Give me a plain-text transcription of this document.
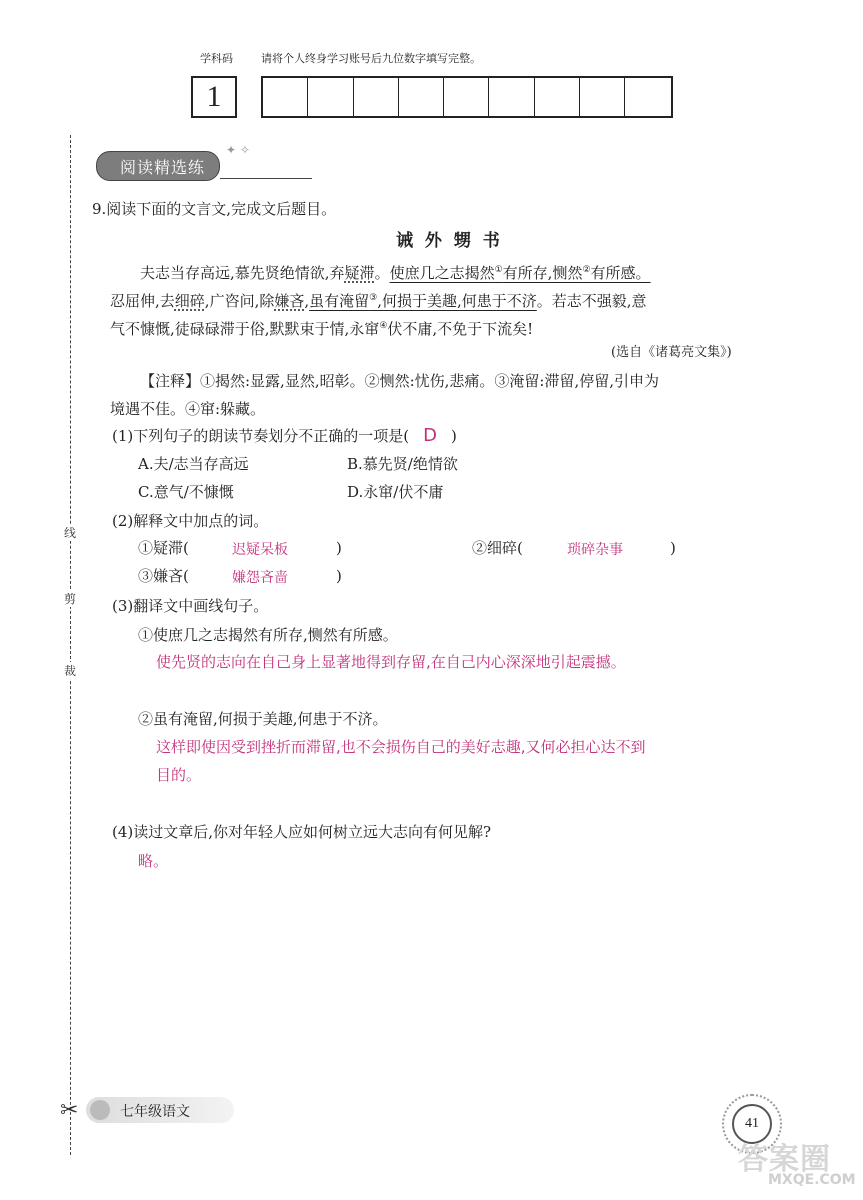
学科码	请将个人终身学习账号后九位数字填写完整。
1
线
剪
裁
阅读精选练
✦ ✧
9.阅读下面的文言文,完成文后题目。
诫 外 甥 书
夫志当存高远,慕先贤绝情欲,弃疑滞。使庶几之志揭然①有所存,恻然②有所感。
忍屈伸,去细碎,广咨问,除嫌吝,虽有淹留③,何损于美趣,何患于不济。若志不强毅,意
气不慷慨,徒碌碌滞于俗,默默束于情,永窜④伏不庸,不免于下流矣!
(选自《诸葛亮文集》)
【注释】①揭然:显露,显然,昭彰。②恻然:忧伤,悲痛。③淹留:滞留,停留,引申为
境遇不佳。④窜:躲藏。
(1)下列句子的朗读节奏划分不正确的一项是( D )
A.夫/志当存高远	B.慕先贤/绝情欲
C.意气/不慷慨	D.永窜/伏不庸
(2)解释文中加点的词。
①疑滞(	迟疑呆板	)	②细碎(	琐碎杂事	)
③嫌吝(	嫌怨吝啬	)
(3)翻译文中画线句子。
①使庶几之志揭然有所存,恻然有所感。
使先贤的志向在自己身上显著地得到存留,在自己内心深深地引起震撼。
②虽有淹留,何损于美趣,何患于不济。
这样即使因受到挫折而滞留,也不会损伤自己的美好志趣,又何必担心达不到
目的。
(4)读过文章后,你对年轻人应如何树立远大志向有何见解?
略。
✂	七年级语文
41
答案圈
MXQE.COM
